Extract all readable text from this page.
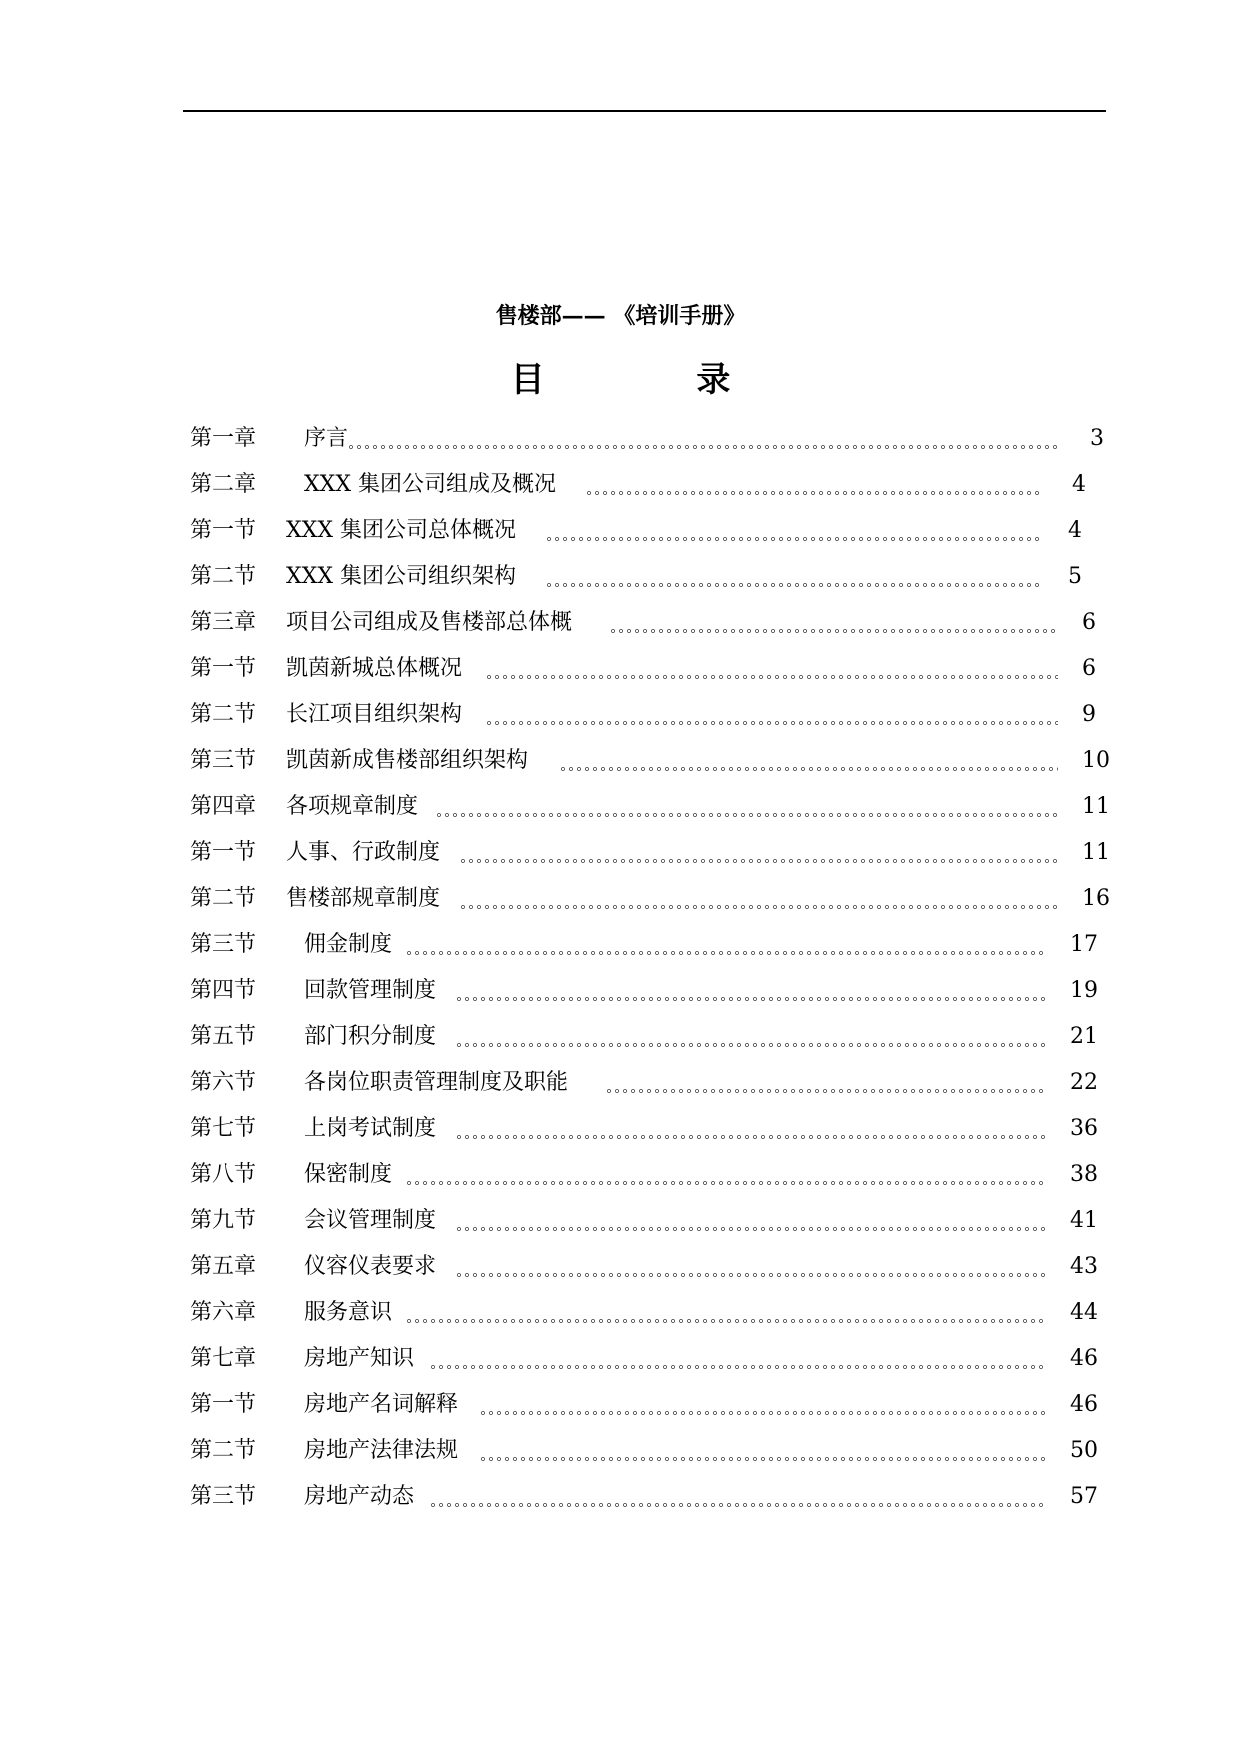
售楼部—— 《培训手册》
目 录
第一章 序言	3
第二章 XXX 集团公司组成及概况	4
第一节 XXX 集团公司总体概况	4
第二节 XXX 集团公司组织架构	5
第三章 项目公司组成及售楼部总体概	6
第一节 凯茵新城总体概况	6
第二节 长江项目组织架构	9
第三节 凯茵新成售楼部组织架构	10
第四章 各项规章制度	11
第一节 人事、行政制度	11
第二节 售楼部规章制度	16
第三节 佣金制度	17
第四节 回款管理制度	19
第五节 部门积分制度	21
第六节 各岗位职责管理制度及职能	22
第七节 上岗考试制度	36
第八节 保密制度	38
第九节 会议管理制度	41
第五章 仪容仪表要求	43
第六章 服务意识	44
第七章 房地产知识	46
第一节 房地产名词解释	46
第二节 房地产法律法规	50
第三节 房地产动态	57
